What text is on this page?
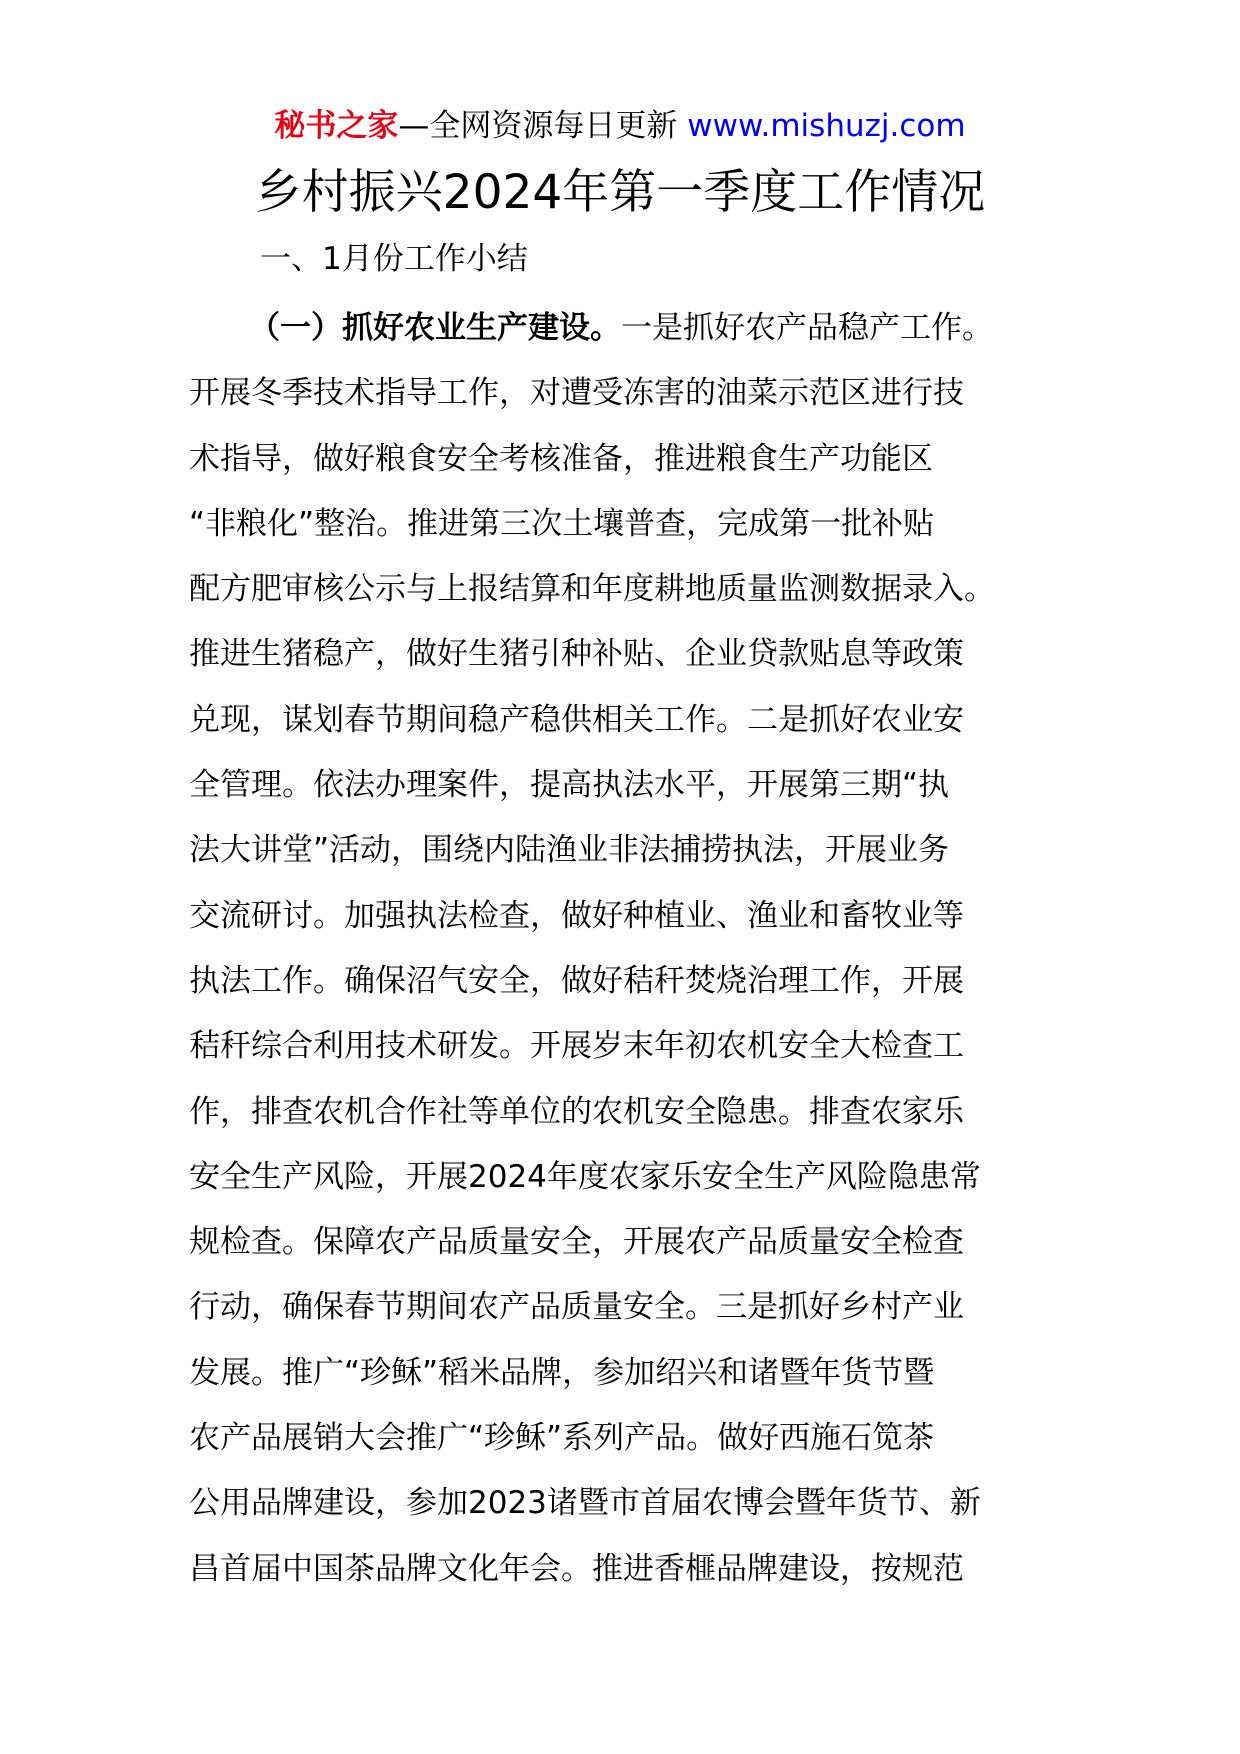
秘书之家—全网资源每日更新 www.mishuzj.com
乡村振兴2024年第一季度工作情况
一、1月份工作小结
（一）抓好农业生产建设。一是抓好农产品稳产工作。
开展冬季技术指导工作，对遭受冻害的油菜示范区进行技
术指导，做好粮食安全考核准备，推进粮食生产功能区
“非粮化”整治。推进第三次土壤普查，完成第一批补贴
配方肥审核公示与上报结算和年度耕地质量监测数据录入。
推进生猪稳产，做好生猪引种补贴、企业贷款贴息等政策
兑现，谋划春节期间稳产稳供相关工作。二是抓好农业安
全管理。依法办理案件，提高执法水平，开展第三期“执
法大讲堂”活动，围绕内陆渔业非法捕捞执法，开展业务
交流研讨。加强执法检查，做好种植业、渔业和畜牧业等
执法工作。确保沼气安全，做好秸秆焚烧治理工作，开展
秸秆综合利用技术研发。开展岁末年初农机安全大检查工
作，排查农机合作社等单位的农机安全隐患。排查农家乐
安全生产风险，开展2024年度农家乐安全生产风险隐患常
规检查。保障农产品质量安全，开展农产品质量安全检查
行动，确保春节期间农产品质量安全。三是抓好乡村产业
发展。推广“珍稣”稻米品牌，参加绍兴和诸暨年货节暨
农产品展销大会推广“珍稣”系列产品。做好西施石笕茶
公用品牌建设，参加2023诸暨市首届农博会暨年货节、新
昌首届中国茶品牌文化年会。推进香榧品牌建设，按规范
